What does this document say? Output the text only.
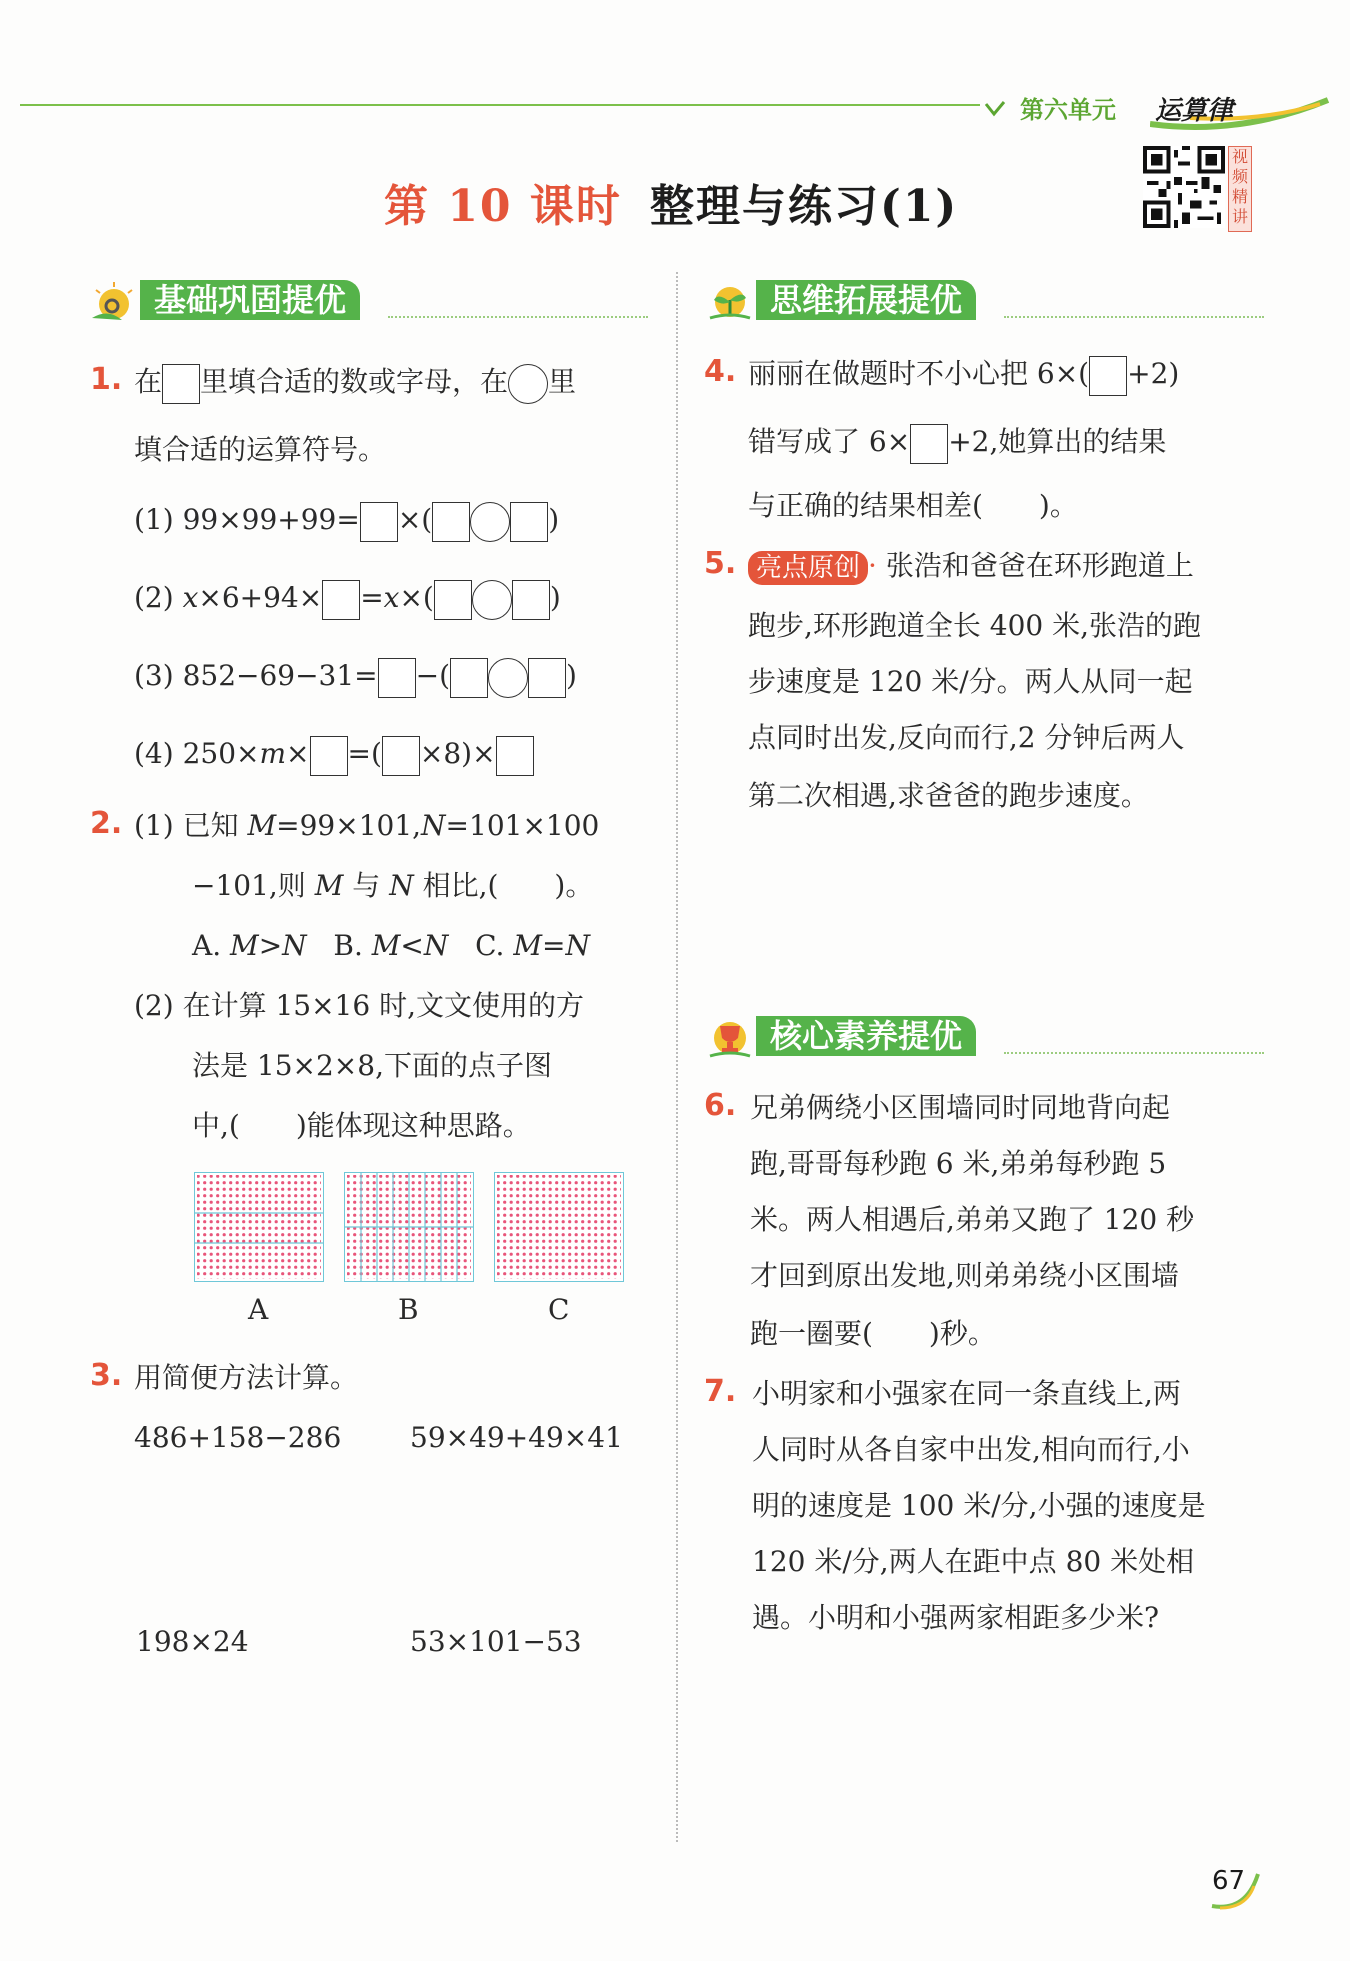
第六单元 运算律
第 10 课时 整理与练习(1)
视
频
精
讲
基础巩固提优	思维拓展提优
核心素养提优
1. 在 里填合适的数或字母，在 里
填合适的运算符号。
(1) 99×99+99= ×(	)
(2) x×6+94× =x×(	)
(3) 852−69−31= −(	)
(4) 250×m× =( ×8)×
2. (1) 已知 M=99×101,N=101×100
−101,则 M 与 N 相比,(　　)。
A. M>N B. M<N C. M=N
(2) 在计算 15×16 时,文文使用的方
法是 15×2×8,下面的点子图
中,(　　)能体现这种思路。
A	B	C
3. 用简便方法计算。
486+158−286 59×49+49×41
198×24	53×101−53
4. 丽丽在做题时不小心把 6×( +2)
错写成了 6× +2,她算出的结果
与正确的结果相差(　　)。
5. 亮点原创 · 张浩和爸爸在环形跑道上
跑步,环形跑道全长 400 米,张浩的跑
步速度是 120 米/分。两人从同一起
点同时出发,反向而行,2 分钟后两人
第二次相遇,求爸爸的跑步速度。
6. 兄弟俩绕小区围墙同时同地背向起
跑,哥哥每秒跑 6 米,弟弟每秒跑 5
米。两人相遇后,弟弟又跑了 120 秒
才回到原出发地,则弟弟绕小区围墙
跑一圈要(　　)秒。
7. 小明家和小强家在同一条直线上,两
人同时从各自家中出发,相向而行,小
明的速度是 100 米/分,小强的速度是
120 米/分,两人在距中点 80 米处相
遇。小明和小强两家相距多少米?
67
